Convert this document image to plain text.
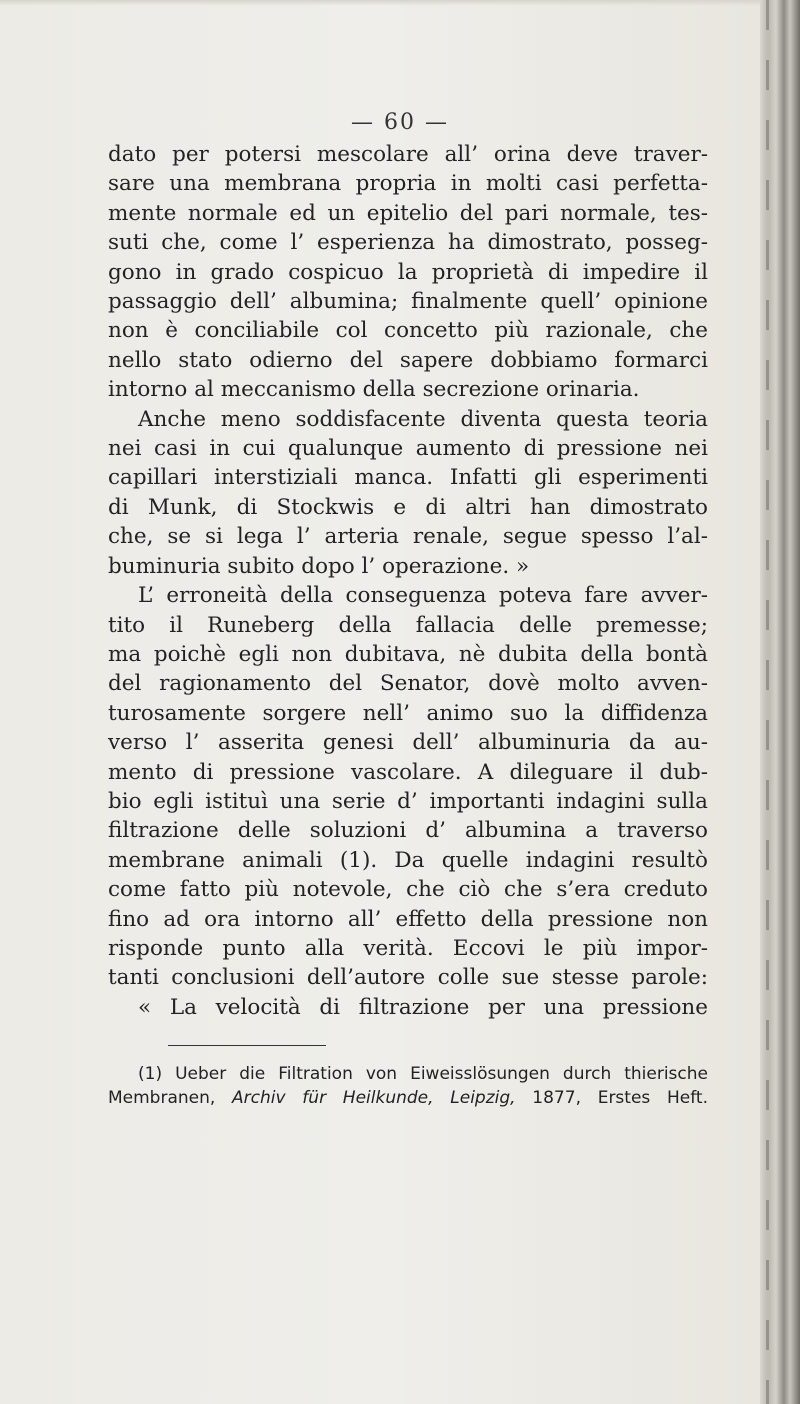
— 60 —
dato per potersi mescolare all’ orina deve traver-
sare una membrana propria in molti casi perfetta-
mente normale ed un epitelio del pari normale, tes-
suti che, come l’ esperienza ha dimostrato, posseg-
gono in grado cospicuo la proprietà di impedire il
passaggio dell’ albumina; finalmente quell’ opinione
non è conciliabile col concetto più razionale, che
nello stato odierno del sapere dobbiamo formarci
intorno al meccanismo della secrezione orinaria.
Anche meno soddisfacente diventa questa teoria
nei casi in cui qualunque aumento di pressione nei
capillari interstiziali manca. Infatti gli esperimenti
di Munk, di Stockwis e di altri han dimostrato
che, se si lega l’ arteria renale, segue spesso l’al-
buminuria subito dopo l’ operazione. »
L’ erroneità della conseguenza poteva fare avver-
tito il Runeberg della fallacia delle premesse;
ma poichè egli non dubitava, nè dubita della bontà
del ragionamento del Senator, dovè molto avven-
turosamente sorgere nell’ animo suo la diffidenza
verso l’ asserita genesi dell’ albuminuria da au-
mento di pressione vascolare. A dileguare il dub-
bio egli istituì una serie d’ importanti indagini sulla
filtrazione delle soluzioni d’ albumina a traverso
membrane animali (1). Da quelle indagini resultò
come fatto più notevole, che ciò che s’era creduto
fino ad ora intorno all’ effetto della pressione non
risponde punto alla verità. Eccovi le più impor-
tanti conclusioni dell’autore colle sue stesse parole:
« La velocità di filtrazione per una pressione
(1) Ueber die Filtration von Eiweisslösungen durch thierische
Membranen, Archiv für Heilkunde, Leipzig, 1877, Erstes Heft.
